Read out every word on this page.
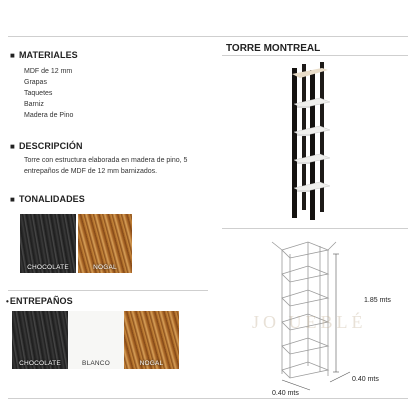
■ MATERIALES
MDF de 12 mm
Grapas
Taquetes
Barniz
Madera de Pino
■ DESCRIPCIÓN
Torre con estructura elaborada en madera de pino, 5 entrepaños de MDF de 12 mm barnizados.
■ TONALIDADES
CHOCOLATE	NOGAL
•ENTREPAÑOS
CHOCOLATE	BLANCO	NOGAL
TORRE MONTREAL
JO UEBLÉ
1.85 mts
0.40 mts
0.40 mts
